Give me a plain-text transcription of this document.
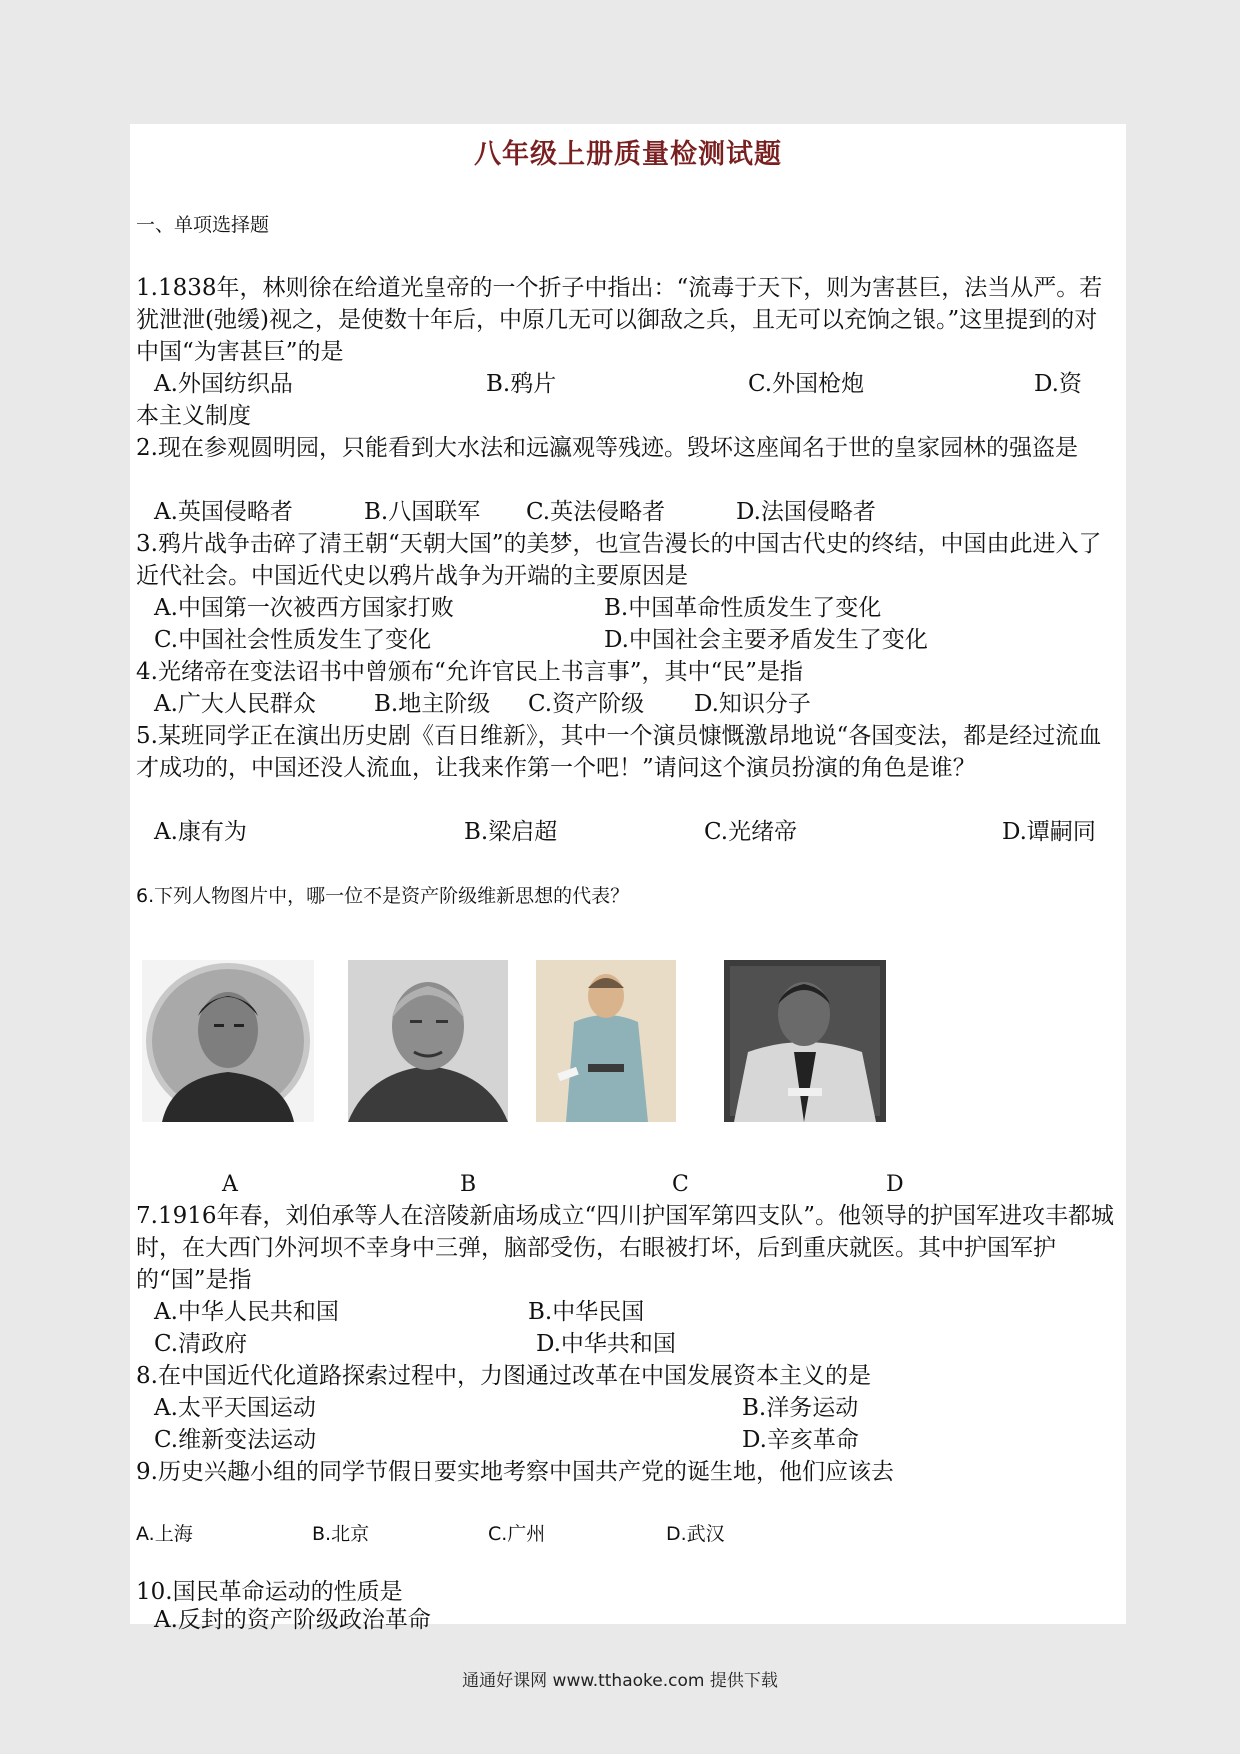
八年级上册质量检测试题
一、单项选择题
1.1838年，林则徐在给道光皇帝的一个折子中指出：“流毒于天下，则为害甚巨，法当从严。若犹泄泄(弛缓)视之，是使数十年后，中原几无可以御敌之兵，且无可以充饷之银。”这里提到的对中国“为害甚巨”的是
A.外国纺织品	B.鸦片	C.外国枪炮	D.资
本主义制度
2.现在参观圆明园，只能看到大水法和远瀛观等残迹。毁坏这座闻名于世的皇家园林的强盗是
A.英国侵略者	B.八国联军 C.英法侵略者	D.法国侵略者
3.鸦片战争击碎了清王朝“天朝大国”的美梦，也宣告漫长的中国古代史的终结，中国由此进入了近代社会。中国近代史以鸦片战争为开端的主要原因是
A.中国第一次被西方国家打败	B.中国革命性质发生了变化
C.中国社会性质发生了变化	D.中国社会主要矛盾发生了变化
4.光绪帝在变法诏书中曾颁布“允许官民上书言事”，其中“民”是指
A.广大人民群众	B.地主阶级 C.资产阶级 D.知识分子
5.某班同学正在演出历史剧《百日维新》，其中一个演员慷慨激昂地说“各国变法，都是经过流血才成功的，中国还没人流血，让我来作第一个吧！”请问这个演员扮演的角色是谁？
A.康有为	B.梁启超	C.光绪帝	D.谭嗣同
6.下列人物图片中，哪一位不是资产阶级维新思想的代表？
A	B	C	D
7.1916年春，刘伯承等人在涪陵新庙场成立“四川护国军第四支队”。他领导的护国军进攻丰都城时，在大西门外河坝不幸身中三弹，脑部受伤，右眼被打坏，后到重庆就医。其中护国军护的“国”是指
A.中华人民共和国	B.中华民国
C.清政府	D.中华共和国
8.在中国近代化道路探索过程中，力图通过改革在中国发展资本主义的是
A.太平天国运动	B.洋务运动
C.维新变法运动	D.辛亥革命
9.历史兴趣小组的同学节假日要实地考察中国共产党的诞生地，他们应该去
A.上海	B.北京	C.广州	D.武汉
10.国民革命运动的性质是
A.反封的资产阶级政治革命
通通好课网 www.tthaoke.com 提供下载
